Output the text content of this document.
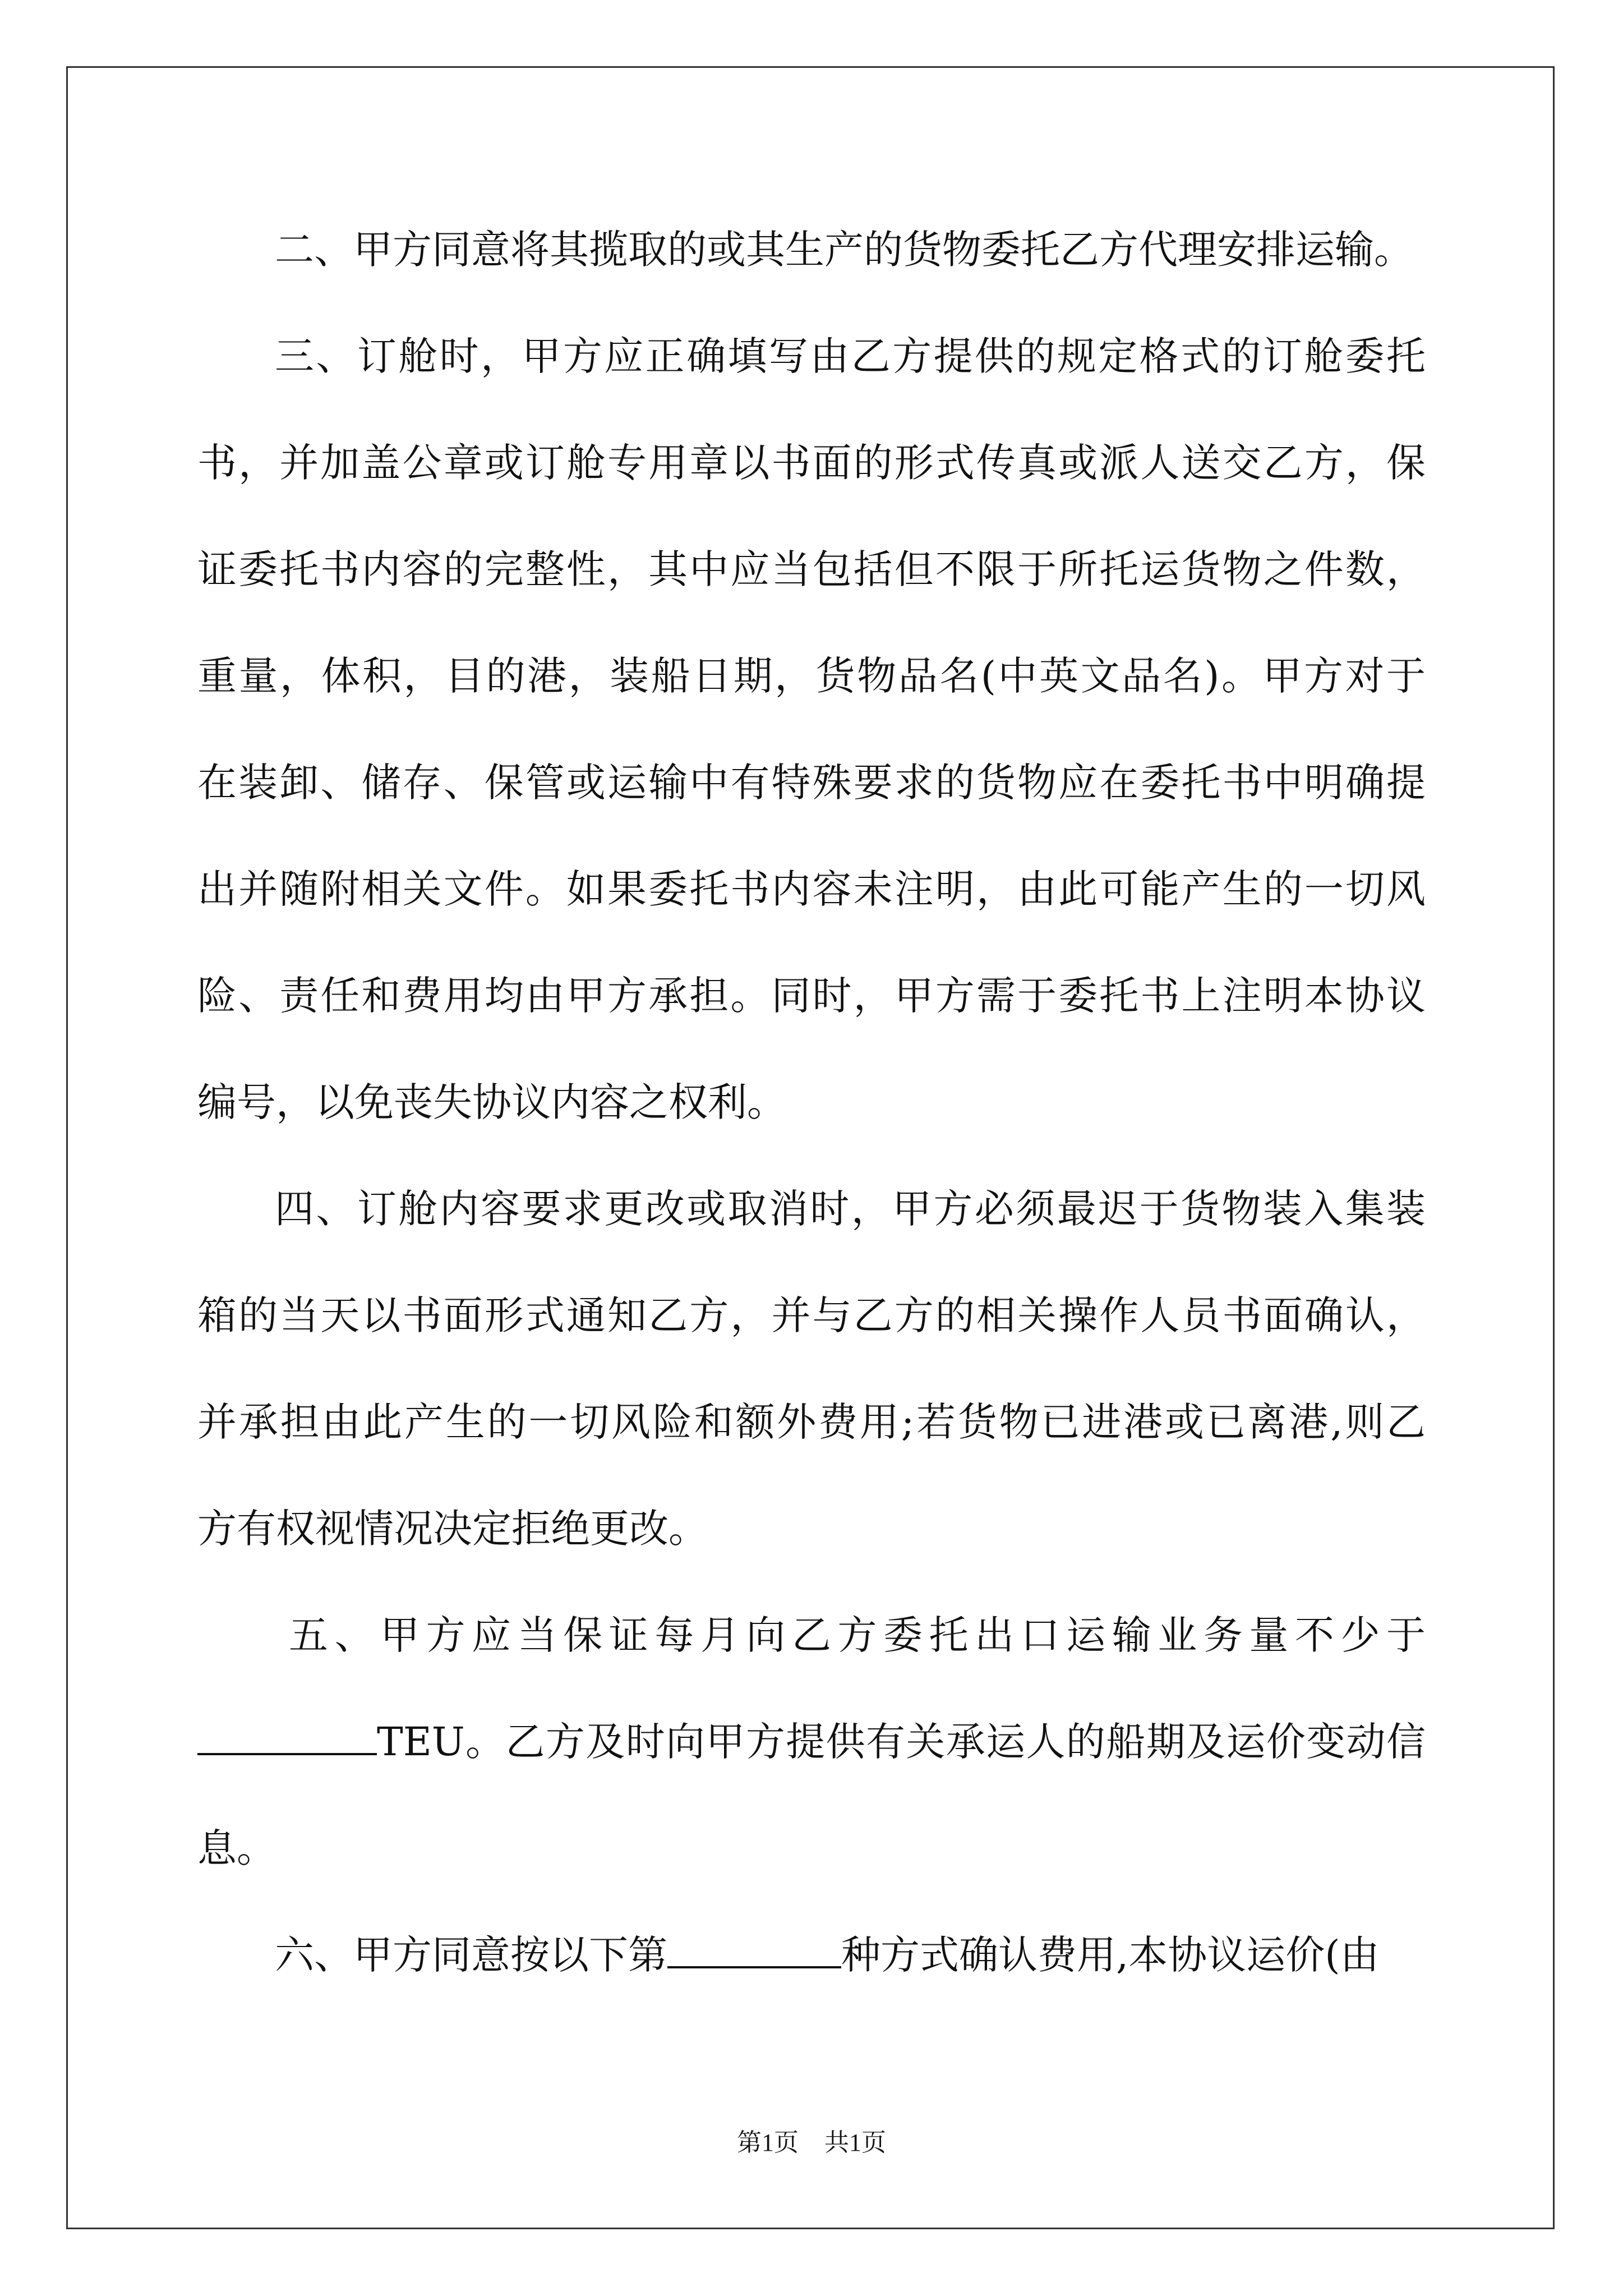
二、甲方同意将其揽取的或其生产的货物委托乙方代理安排运输。
三、订舱时，甲方应正确填写由乙方提供的规定格式的订舱委托
书，并加盖公章或订舱专用章以书面的形式传真或派人送交乙方，保
证委托书内容的完整性，其中应当包括但不限于所托运货物之件数，
重量，体积，目的港，装船日期，货物品名(中英文品名)。甲方对于
在装卸、储存、保管或运输中有特殊要求的货物应在委托书中明确提
出并随附相关文件。如果委托书内容未注明，由此可能产生的一切风
险、责任和费用均由甲方承担。同时，甲方需于委托书上注明本协议
编号，以免丧失协议内容之权利。
四、订舱内容要求更改或取消时，甲方必须最迟于货物装入集装
箱的当天以书面形式通知乙方，并与乙方的相关操作人员书面确认，
并承担由此产生的一切风险和额外费用;若货物已进港或已离港,则乙
方有权视情况决定拒绝更改。
五、甲方应当保证每月向乙方委托出口运输业务量不少于
TEU。乙方及时向甲方提供有关承运人的船期及运价变动信
息。
六、甲方同意按以下第	种方式确认费用,本协议运价(由
第1页 共1页
